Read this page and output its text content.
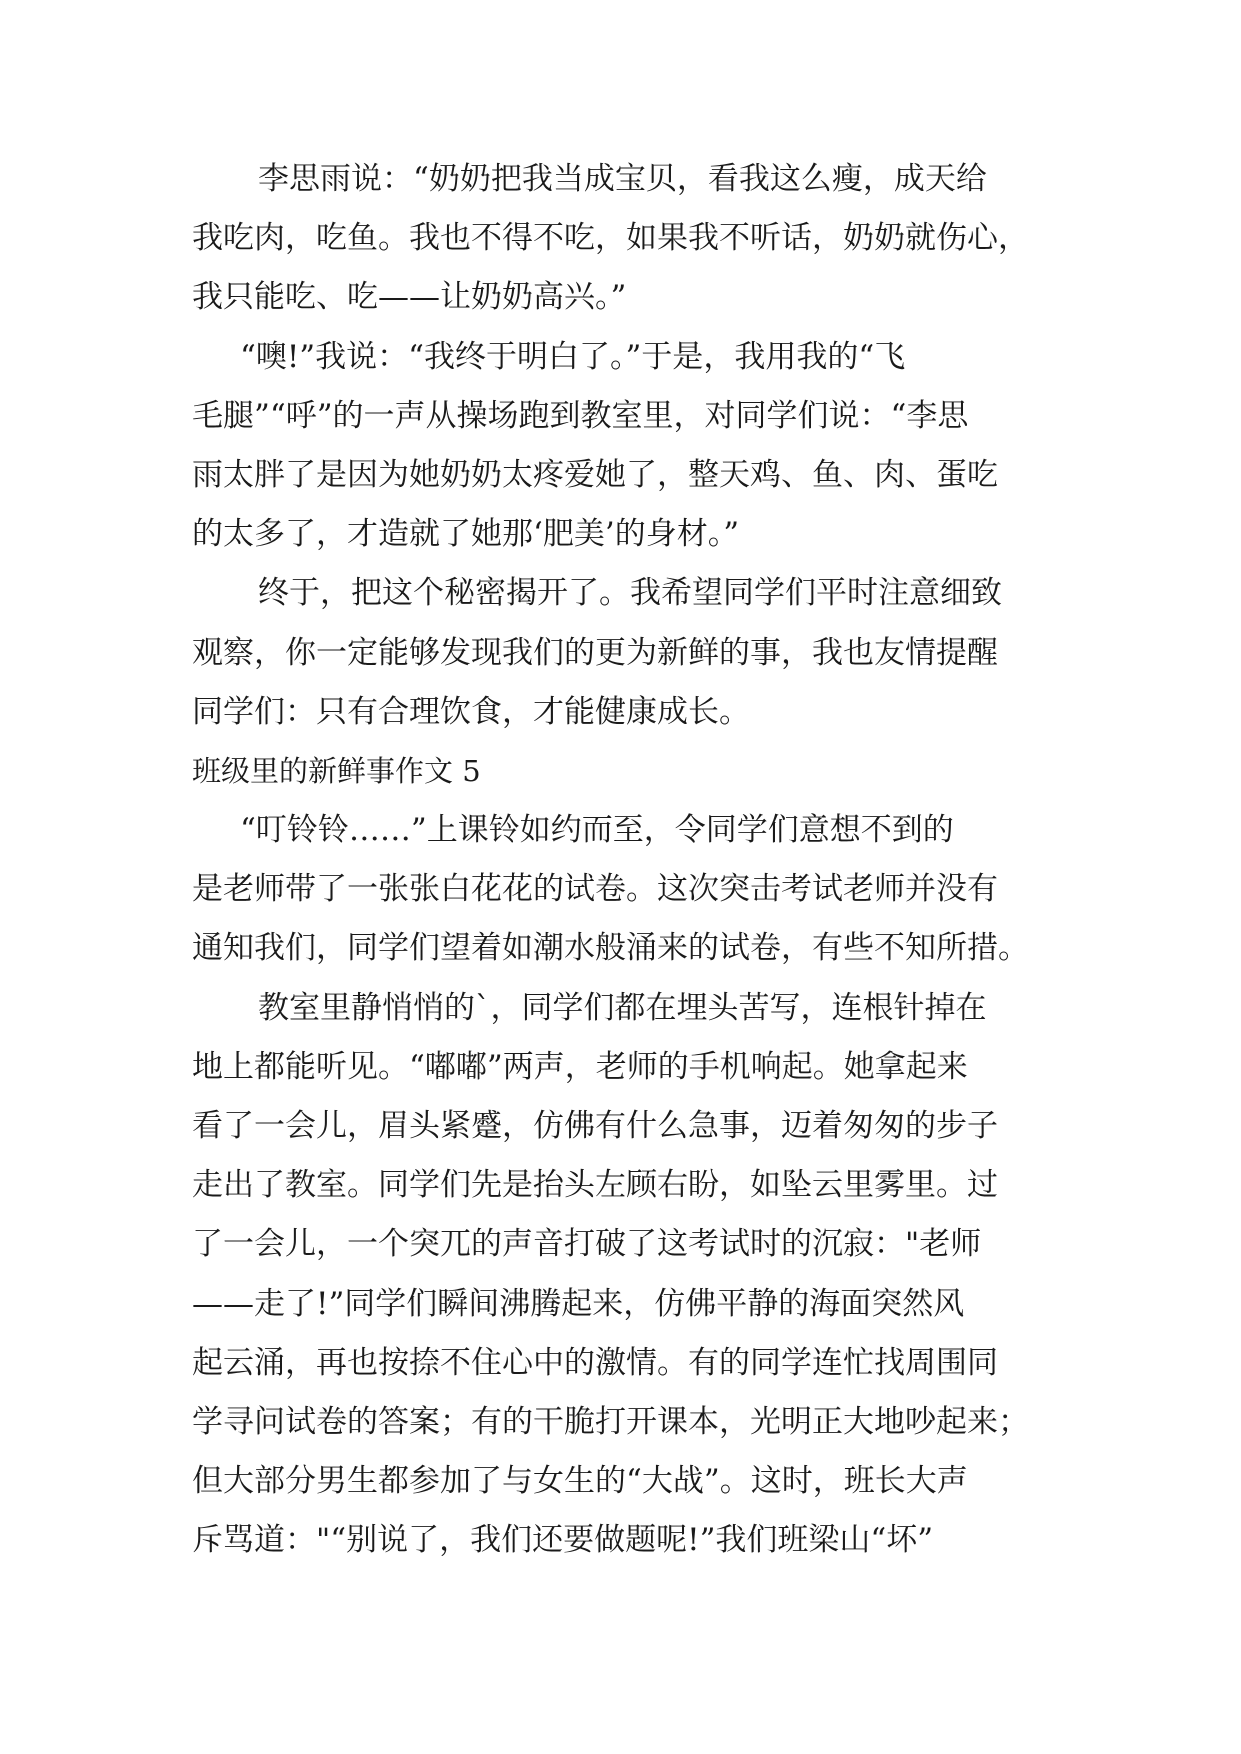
李思雨说：“奶奶把我当成宝贝，看我这么瘦，成天给
我吃肉，吃鱼。我也不得不吃，如果我不听话，奶奶就伤心，
我只能吃、吃——让奶奶高兴。”
“噢!”我说：“我终于明白了。”于是，我用我的“飞
毛腿”“呼”的一声从操场跑到教室里，对同学们说：“李思
雨太胖了是因为她奶奶太疼爱她了，整天鸡、鱼、肉、蛋吃
的太多了，才造就了她那‘肥美’的身材。”
终于，把这个秘密揭开了。我希望同学们平时注意细致
观察，你一定能够发现我们的更为新鲜的事，我也友情提醒
同学们：只有合理饮食，才能健康成长。
班级里的新鲜事作文 5
“叮铃铃……”上课铃如约而至，令同学们意想不到的
是老师带了一张张白花花的试卷。这次突击考试老师并没有
通知我们，同学们望着如潮水般涌来的试卷，有些不知所措。
教室里静悄悄的`，同学们都在埋头苦写，连根针掉在
地上都能听见。“嘟嘟”两声，老师的手机响起。她拿起来
看了一会儿，眉头紧蹙，仿佛有什么急事，迈着匆匆的步子
走出了教室。同学们先是抬头左顾右盼，如坠云里雾里。过
了一会儿，一个突兀的声音打破了这考试时的沉寂："老师
——走了!”同学们瞬间沸腾起来，仿佛平静的海面突然风
起云涌，再也按捺不住心中的激情。有的同学连忙找周围同
学寻问试卷的答案；有的干脆打开课本，光明正大地吵起来；
但大部分男生都参加了与女生的“大战”。这时，班长大声
斥骂道："“别说了，我们还要做题呢!”我们班梁山“坏”
